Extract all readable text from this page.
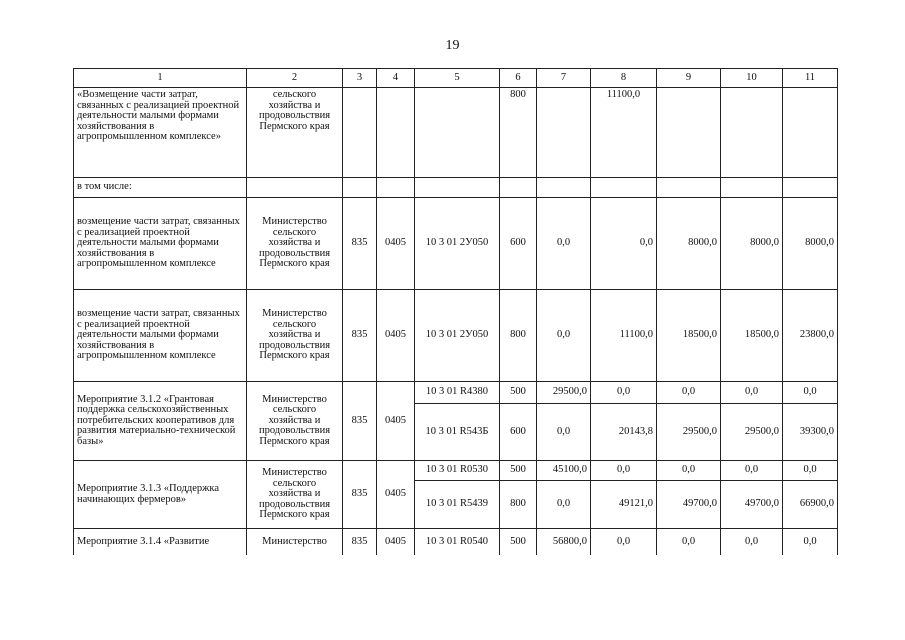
19
1	2	3	4	5	6	7	8	9	10	11
«Возмещение части затрат, связанных с реализацией проектной деятельности малыми формами хозяйствования в агропромышленном комплексе»	сельского хозяйства и продовольствия Пермского края				800		11100,0			
в том числе:										
возмещение части затрат, связанных с реализацией проектной деятельности малыми формами хозяйствования в агропромышленном комплексе	Министерство сельского хозяйства и продовольствия Пермского края	835	0405	10 3 01 2У050	600	0,0	0,0	8000,0	8000,0	8000,0
возмещение части затрат, связанных с реализацией проектной деятельности малыми формами хозяйствования в агропромышленном комплексе	Министерство сельского хозяйства и продовольствия Пермского края	835	0405	10 3 01 2У050	800	0,0	11100,0	18500,0	18500,0	23800,0
Мероприятие 3.1.2 «Грантовая поддержка сельскохозяйственных потребительских кооперативов для развития материально-технической базы»	Министерство сельского хозяйства и продовольствия Пермского края	835	0405	10 3 01 R4380	500	29500,0	0,0	0,0	0,0	0,0
				10 3 01 R543Б	600	0,0	20143,8	29500,0	29500,0	39300,0
Мероприятие 3.1.3 «Поддержка начинающих фермеров»	Министерство сельского хозяйства и продовольствия Пермского края	835	0405	10 3 01 R0530	500	45100,0	0,0	0,0	0,0	0,0
				10 3 01 R5439	800	0,0	49121,0	49700,0	49700,0	66900,0
Мероприятие 3.1.4 «Развитие	Министерство	835	0405	10 3 01 R0540	500	56800,0	0,0	0,0	0,0	0,0
